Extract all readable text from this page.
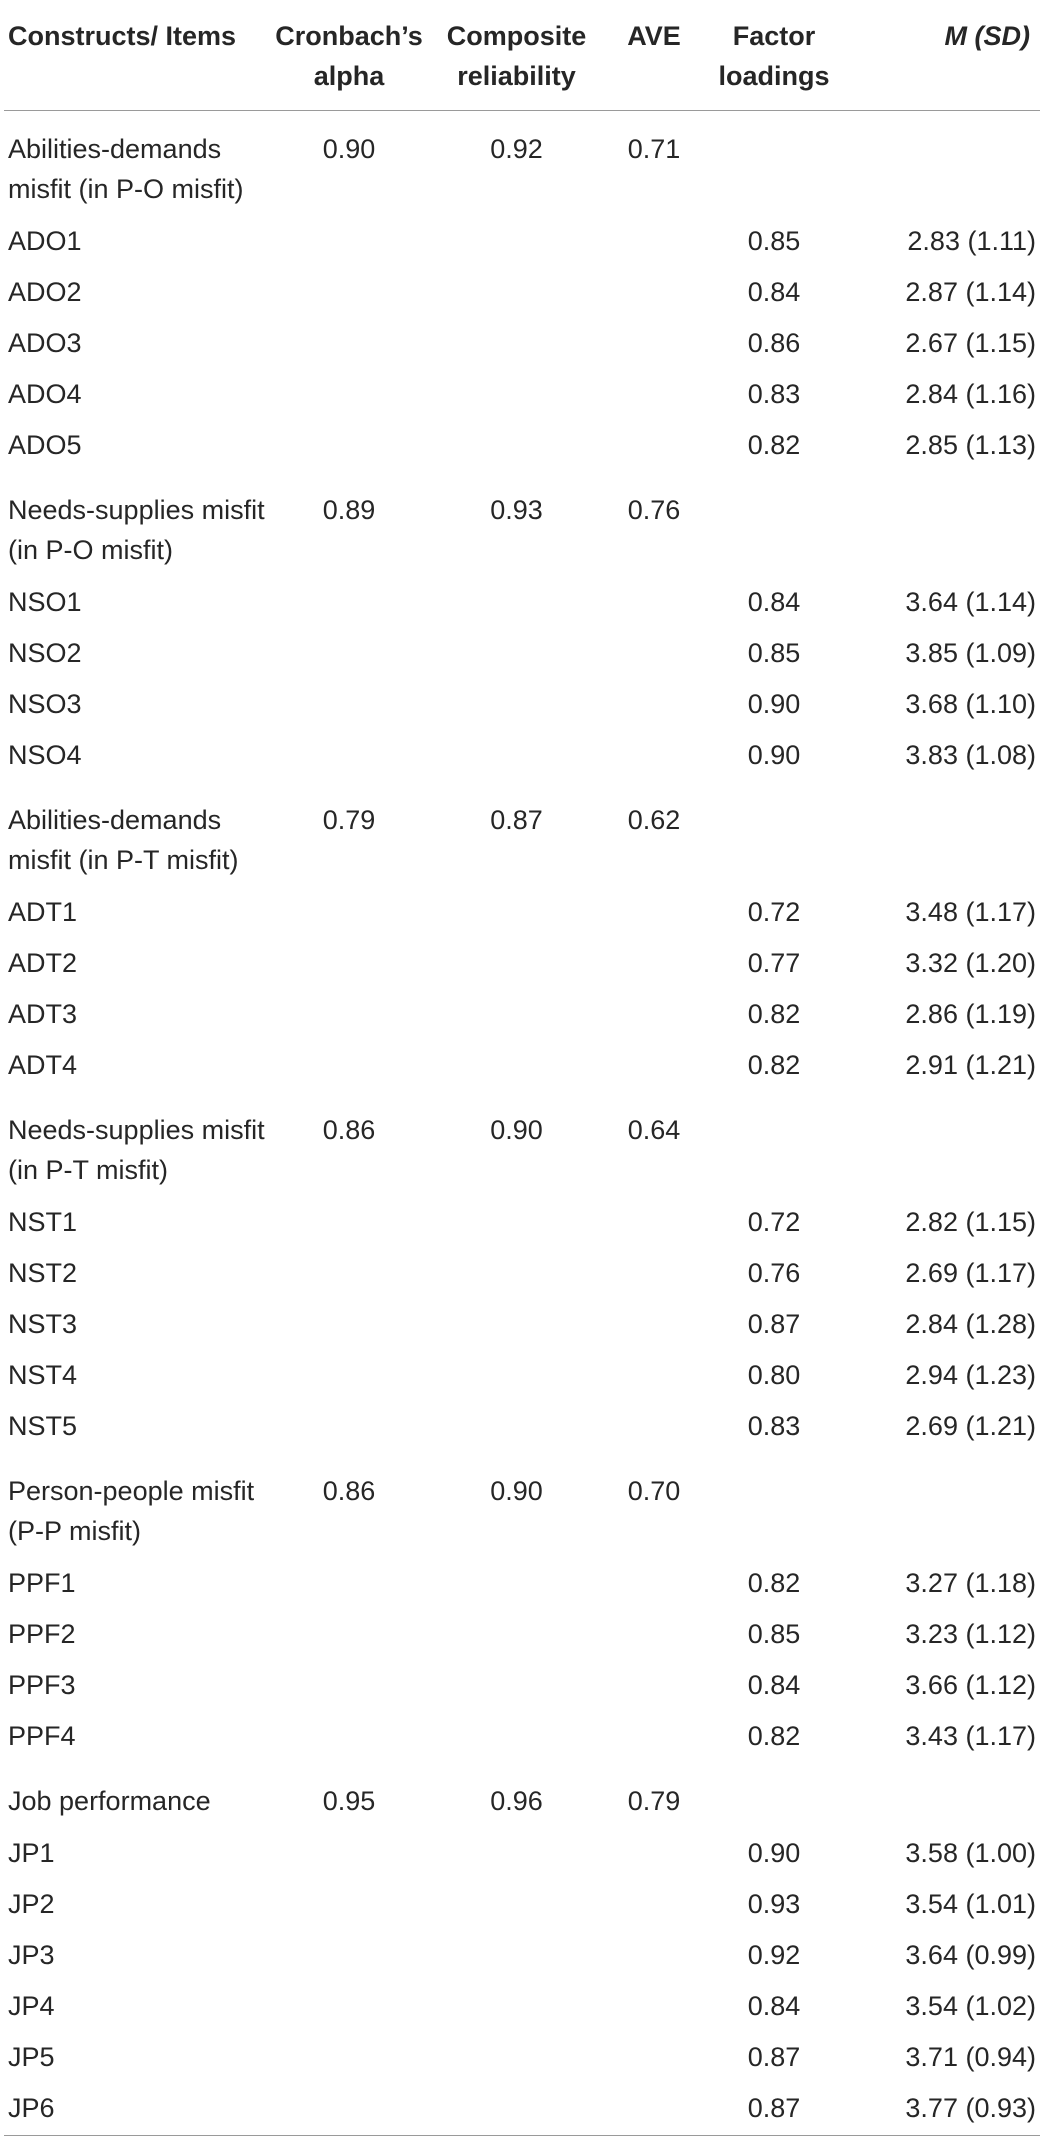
Constructs/ Items	Cronbach’s alpha	Composite reliability	AVE	Factor loadings	M (SD)
Abilities-demands misfit (in P-O misfit)	0.90	0.92	0.71		
ADO1				0.85	2.83 (1.11)
ADO2				0.84	2.87 (1.14)
ADO3				0.86	2.67 (1.15)
ADO4				0.83	2.84 (1.16)
ADO5				0.82	2.85 (1.13)
Needs-supplies misfit (in P-O misfit)	0.89	0.93	0.76		
NSO1				0.84	3.64 (1.14)
NSO2				0.85	3.85 (1.09)
NSO3				0.90	3.68 (1.10)
NSO4				0.90	3.83 (1.08)
Abilities-demands misfit (in P-T misfit)	0.79	0.87	0.62		
ADT1				0.72	3.48 (1.17)
ADT2				0.77	3.32 (1.20)
ADT3				0.82	2.86 (1.19)
ADT4				0.82	2.91 (1.21)
Needs-supplies misfit (in P-T misfit)	0.86	0.90	0.64		
NST1				0.72	2.82 (1.15)
NST2				0.76	2.69 (1.17)
NST3				0.87	2.84 (1.28)
NST4				0.80	2.94 (1.23)
NST5				0.83	2.69 (1.21)
Person-people misfit (P-P misfit)	0.86	0.90	0.70		
PPF1				0.82	3.27 (1.18)
PPF2				0.85	3.23 (1.12)
PPF3				0.84	3.66 (1.12)
PPF4				0.82	3.43 (1.17)
Job performance	0.95	0.96	0.79		
JP1				0.90	3.58 (1.00)
JP2				0.93	3.54 (1.01)
JP3				0.92	3.64 (0.99)
JP4				0.84	3.54 (1.02)
JP5				0.87	3.71 (0.94)
JP6				0.87	3.77 (0.93)
